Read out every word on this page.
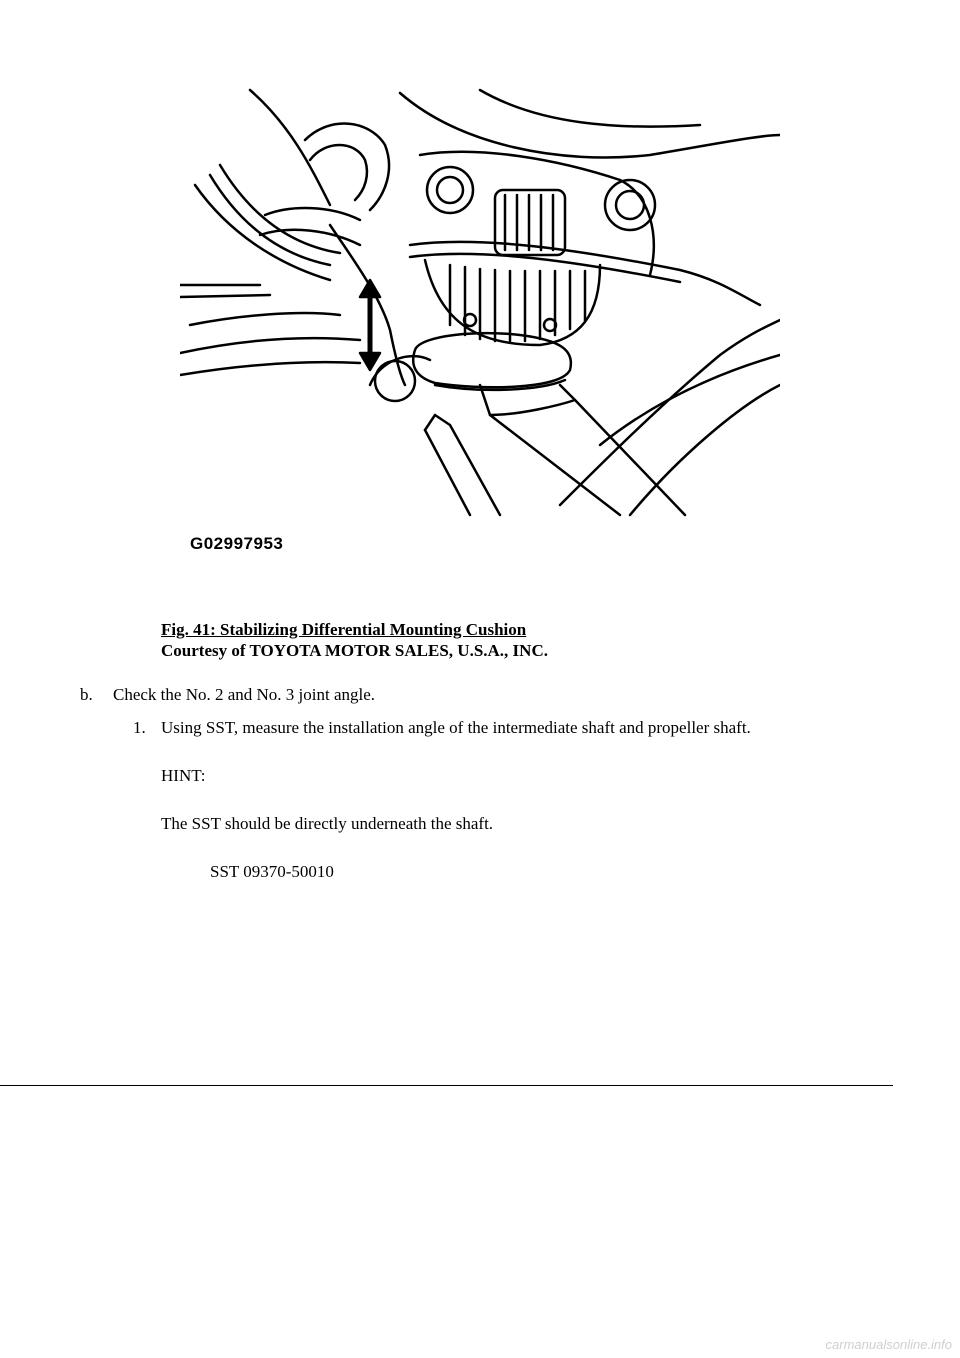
G02997953
Fig. 41: Stabilizing Differential Mounting Cushion
Courtesy of TOYOTA MOTOR SALES, U.S.A., INC.
b. Check the No. 2 and No. 3 joint angle.
1. Using SST, measure the installation angle of the intermediate shaft and propeller shaft.
HINT:
The SST should be directly underneath the shaft.
SST 09370-50010
carmanualsonline.info
